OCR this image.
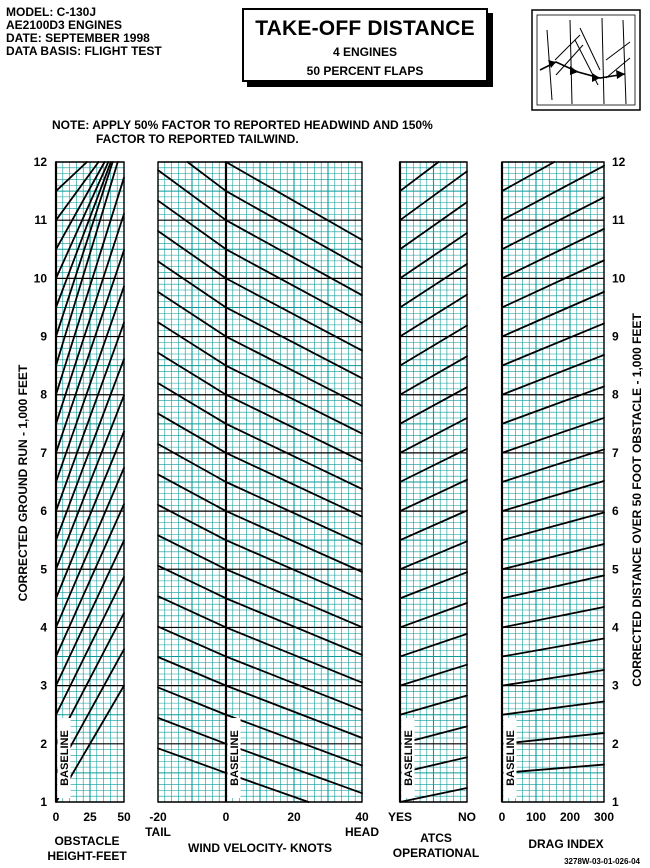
MODEL: C-130J
AE2100D3 ENGINES
DATE: SEPTEMBER 1998
DATA BASIS: FLIGHT TEST
TAKE-OFF DISTANCE
4 ENGINES
50 PERCENT FLAPS
NOTE: APPLY 50% FACTOR TO REPORTED HEADWIND AND 150%
FACTOR TO REPORTED TAILWIND.
CORRECTED GROUND RUN - 1,000 FEET	CORRECTED DISTANCE OVER 50 FOOT OBSTACLE - 1,000 FEET
3278W-03-01-026-04
1
2
3
4
5
6
7
8
9
10
11
12
1
2
3
4
5
6
7
8
9
10
11
12
0 25 50
OBSTACLE
HEIGHT-FEET
BASELINE
-20	0	20	40
TAIL	HEAD
WIND VELOCITY- KNOTS
BASELINE
YES	NO
ATCS
OPERATIONAL
BASELINE
0 100 200 300
DRAG INDEX
BASELINE
